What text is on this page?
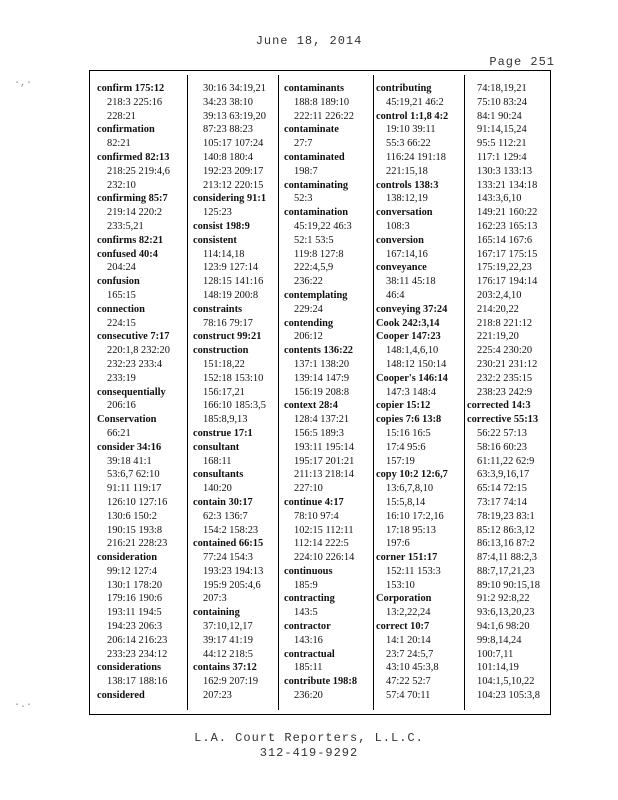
June 18, 2014
Page 251
·,·
·.·
confirm 175:12
218:3 225:16
228:21
confirmation
82:21
confirmed 82:13
218:25 219:4,6
232:10
confirming 85:7
219:14 220:2
233:5,21
confirms 82:21
confused 40:4
204:24
confusion
165:15
connection
224:15
consecutive 7:17
220:1,8 232:20
232:23 233:4
233:19
consequentially
206:16
Conservation
66:21
consider 34:16
39:18 41:1
53:6,7 62:10
91:11 119:17
126:10 127:16
130:6 150:2
190:15 193:8
216:21 228:23
consideration
99:12 127:4
130:1 178:20
179:16 190:6
193:11 194:5
194:23 206:3
206:14 216:23
233:23 234:12
considerations
138:17 188:16
considered
30:16 34:19,21
34:23 38:10
39:13 63:19,20
87:23 88:23
105:17 107:24
140:8 180:4
192:23 209:17
213:12 220:15
considering 91:1
125:23
consist 198:9
consistent
114:14,18
123:9 127:14
128:15 141:16
148:19 200:8
constraints
78:16 79:17
construct 99:21
construction
151:18,22
152:18 153:10
156:17,21
166:10 185:3,5
185:8,9,13
construe 17:1
consultant
168:11
consultants
140:20
contain 30:17
62:3 136:7
154:2 158:23
contained 66:15
77:24 154:3
193:23 194:13
195:9 205:4,6
207:3
containing
37:10,12,17
39:17 41:19
44:12 218:5
contains 37:12
162:9 207:19
207:23
contaminants
188:8 189:10
222:11 226:22
contaminate
27:7
contaminated
198:7
contaminating
52:3
contamination
45:19,22 46:3
52:1 53:5
119:8 127:8
222:4,5,9
236:22
contemplating
229:24
contending
206:12
contents 136:22
137:1 138:20
139:14 147:9
156:19 208:8
context 28:4
128:4 137:21
156:5 189:3
193:11 195:14
195:17 201:21
211:13 218:14
227:10
continue 4:17
78:10 97:4
102:15 112:11
112:14 222:5
224:10 226:14
continuous
185:9
contracting
143:5
contractor
143:16
contractual
185:11
contribute 198:8
236:20
contributing
45:19,21 46:2
control 1:1,8 4:2
19:10 39:11
55:3 66:22
116:24 191:18
221:15,18
controls 138:3
138:12,19
conversation
108:3
conversion
167:14,16
conveyance
38:11 45:18
46:4
conveying 37:24
Cook 242:3,14
Cooper 147:23
148:1,4,6,10
148:12 150:14
Cooper's 146:14
147:3 148:4
copier 15:12
copies 7:6 13:8
15:16 16:5
17:4 95:6
157:19
copy 10:2 12:6,7
13:6,7,8,10
15:5,8,14
16:10 17:2,16
17:18 95:13
197:6
corner 151:17
152:11 153:3
153:10
Corporation
13:2,22,24
correct 10:7
14:1 20:14
23:7 24:5,7
43:10 45:3,8
47:22 52:7
57:4 70:11
74:18,19,21
75:10 83:24
84:1 90:24
91:14,15,24
95:5 112:21
117:1 129:4
130:3 133:13
133:21 134:18
143:3,6,10
149:21 160:22
162:23 165:13
165:14 167:6
167:17 175:15
175:19,22,23
176:17 194:14
203:2,4,10
214:20,22
218:8 221:12
221:19,20
225:4 230:20
230:21 231:12
232:2 235:15
238:23 242:9
corrected 14:3
corrective 55:13
56:22 57:13
58:16 60:23
61:11,22 62:9
63:3,9,16,17
65:14 72:15
73:17 74:14
78:19,23 83:1
85:12 86:3,12
86:13,16 87:2
87:4,11 88:2,3
88:7,17,21,23
89:10 90:15,18
91:2 92:8,22
93:6,13,20,23
94:1,6 98:20
99:8,14,24
100:7,11
101:14,19
104:1,5,10,22
104:23 105:3,8
L.A. Court Reporters, L.L.C.
312-419-9292
